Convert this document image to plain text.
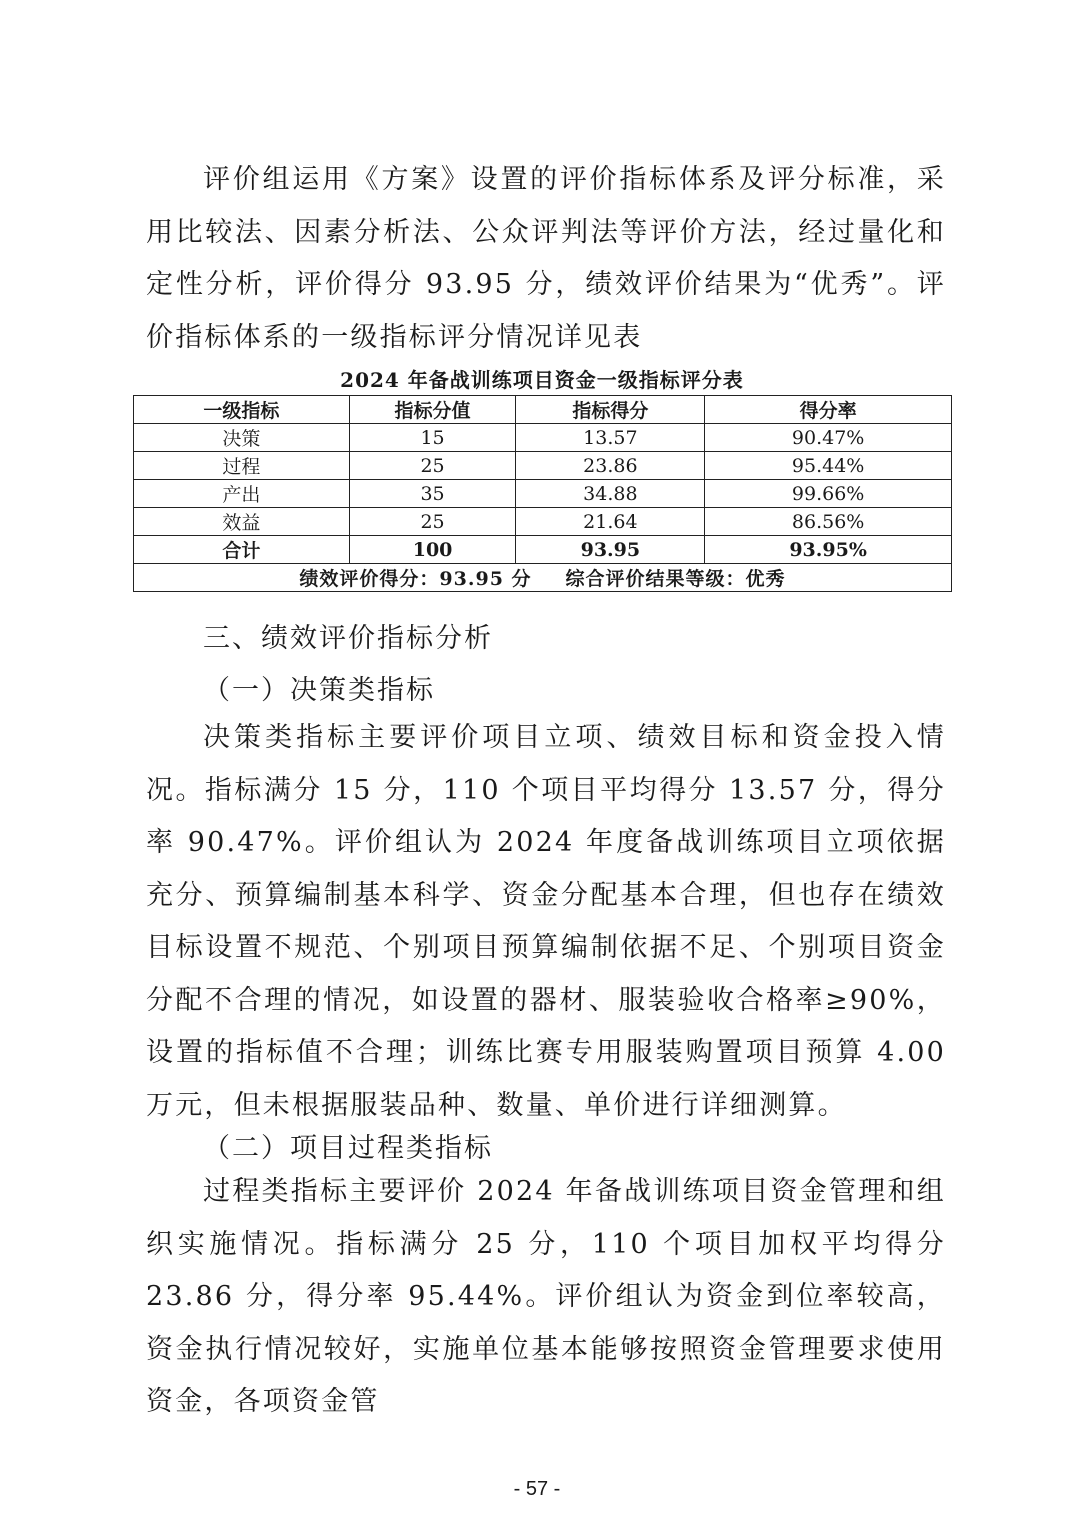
评价组运用《方案》设置的评价指标体系及评分标准，采用比较法、因素分析法、公众评判法等评价方法，经过量化和定性分析，评价得分 93.95 分，绩效评价结果为“优秀”。评价指标体系的一级指标评分情况详见表

2024 年备战训练项目资金一级指标评分表
一级指标	指标分值	指标得分	得分率
决策	15	13.57	90.47%
过程	25	23.86	95.44%
产出	35	34.88	99.66%
效益	25	21.64	86.56%
合计	100	93.95	93.95%
绩效评价得分：93.95 分 综合评价结果等级：优秀			
三、绩效评价指标分析
（一）决策类指标

决策类指标主要评价项目立项、绩效目标和资金投入情况。指标满分 15 分，110 个项目平均得分 13.57 分，得分率 90.47%。评价组认为 2024 年度备战训练项目立项依据充分、预算编制基本科学、资金分配基本合理，但也存在绩效目标设置不规范、个别项目预算编制依据不足、个别项目资金分配不合理的情况，如设置的器材、服装验收合格率≥90%，设置的指标值不合理；训练比赛专用服装购置项目预算 4.00 万元，但未根据服装品种、数量、单价进行详细测算。

（二）项目过程类指标

过程类指标主要评价 2024 年备战训练项目资金管理和组织实施情况。指标满分 25 分，110 个项目加权平均得分 23.86 分，得分率 95.44%。评价组认为资金到位率较高，资金执行情况较好，实施单位基本能够按照资金管理要求使用资金，各项资金管

- 57 -
